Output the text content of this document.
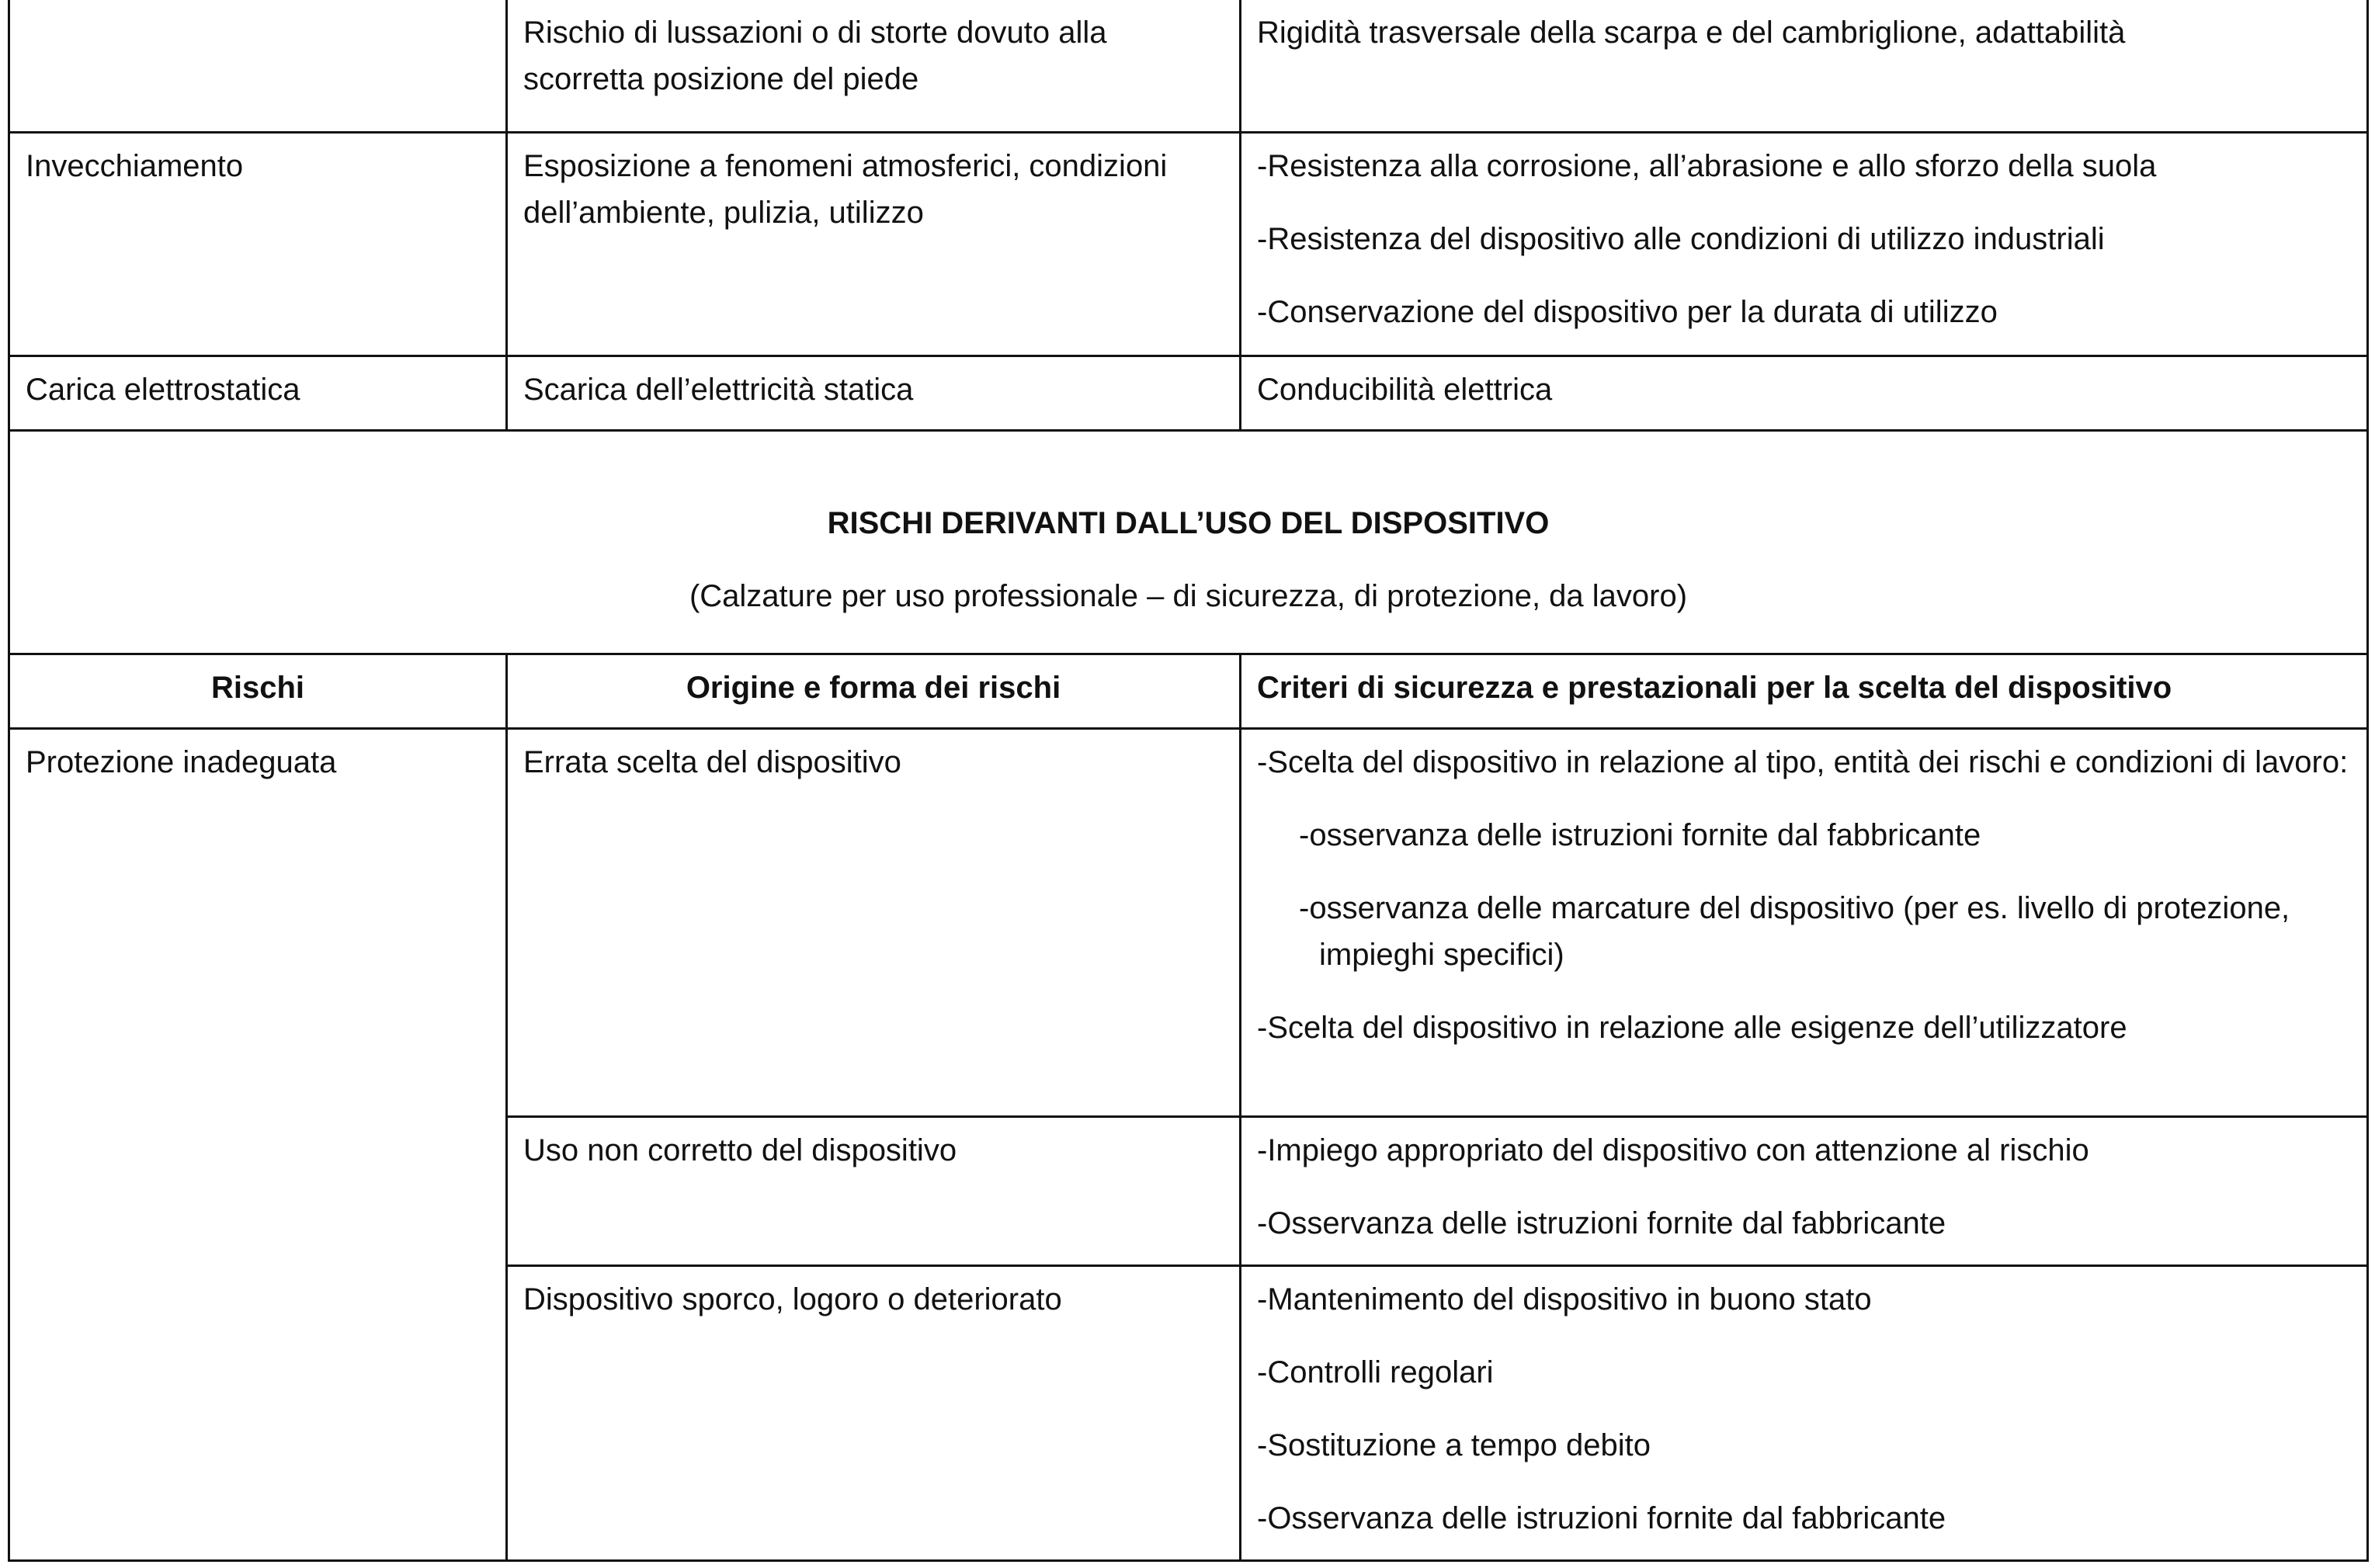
	Rischio di lussazioni o di storte dovuto alla scorretta posizione del piede	Rigidità trasversale della scarpa e del cambriglione, adattabilità

Invecchiamento	Esposizione a fenomeni atmosferici, condizioni dell’ambiente, pulizia, utilizzo	-Resistenza alla corrosione, all’abrasione e allo sforzo della suola
-Resistenza del dispositivo alle condizioni di utilizzo industriali
-Conservazione del dispositivo per la durata di utilizzo

Carica elettrostatica	Scarica dell’elettricità statica	Conducibilità elettrica

RISCHI DERIVANTI DALL’USO DEL DISPOSITIVO
(Calzature per uso professionale – di sicurezza, di protezione, da lavoro)		

Rischi	Origine e forma dei rischi	Criteri di sicurezza e prestazionali per la scelta del dispositivo

Protezione inadeguata	Errata scelta del dispositivo	-Scelta del dispositivo in relazione al tipo, entità dei rischi e condizioni di lavoro:
-osservanza delle istruzioni fornite dal fabbricante
-osservanza delle marcature del dispositivo (per es. livello di protezione, impieghi specifici)
-Scelta del dispositivo in relazione alle esigenze dell’utilizzatore

	Uso non corretto del dispositivo	-Impiego appropriato del dispositivo con attenzione al rischio
-Osservanza delle istruzioni fornite dal fabbricante

	Dispositivo sporco, logoro o deteriorato	-Mantenimento del dispositivo in buono stato
-Controlli regolari
-Sostituzione a tempo debito
-Osservanza delle istruzioni fornite dal fabbricante
